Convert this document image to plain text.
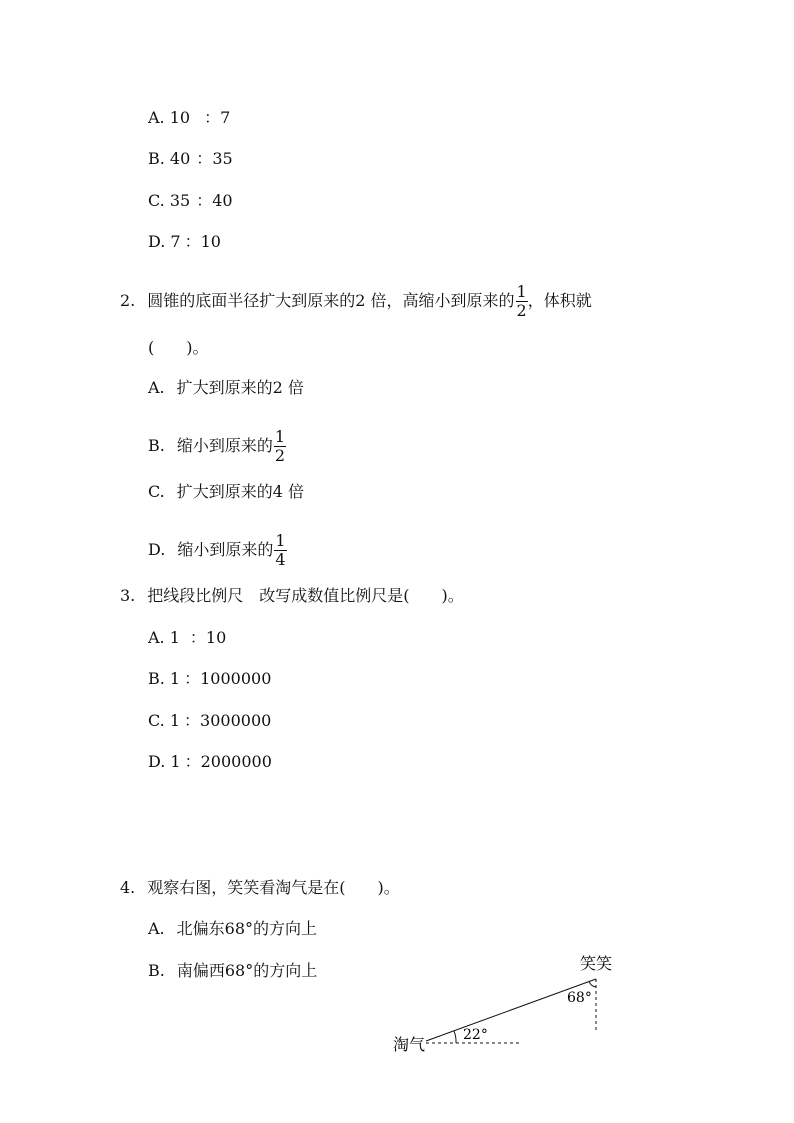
A. 10 ：7
B. 40 ：35
C. 35 ：40
D. 7 ：10
2. 圆锥的底面半径扩大到原来的2 倍，高缩小到原来的 $\frac{1}{2}$ ，体积就
(　　)。
A. 扩大到原来的2 倍
B. 缩小到原来的 $\frac{1}{2}$
C. 扩大到原来的4 倍
D. 缩小到原来的 $\frac{1}{4}$
3. 把线段比例尺 改写成数值比例尺是(　　)。
A. 1 ：10
B. 1 ：1000000
C. 1 ：3000000
D. 1 ：2000000
4. 观察右图，笑笑看淘气是在(　　)。
A. 北偏东68°的方向上
B. 南偏西68°的方向上	笑笑
淘气
68°
22°
